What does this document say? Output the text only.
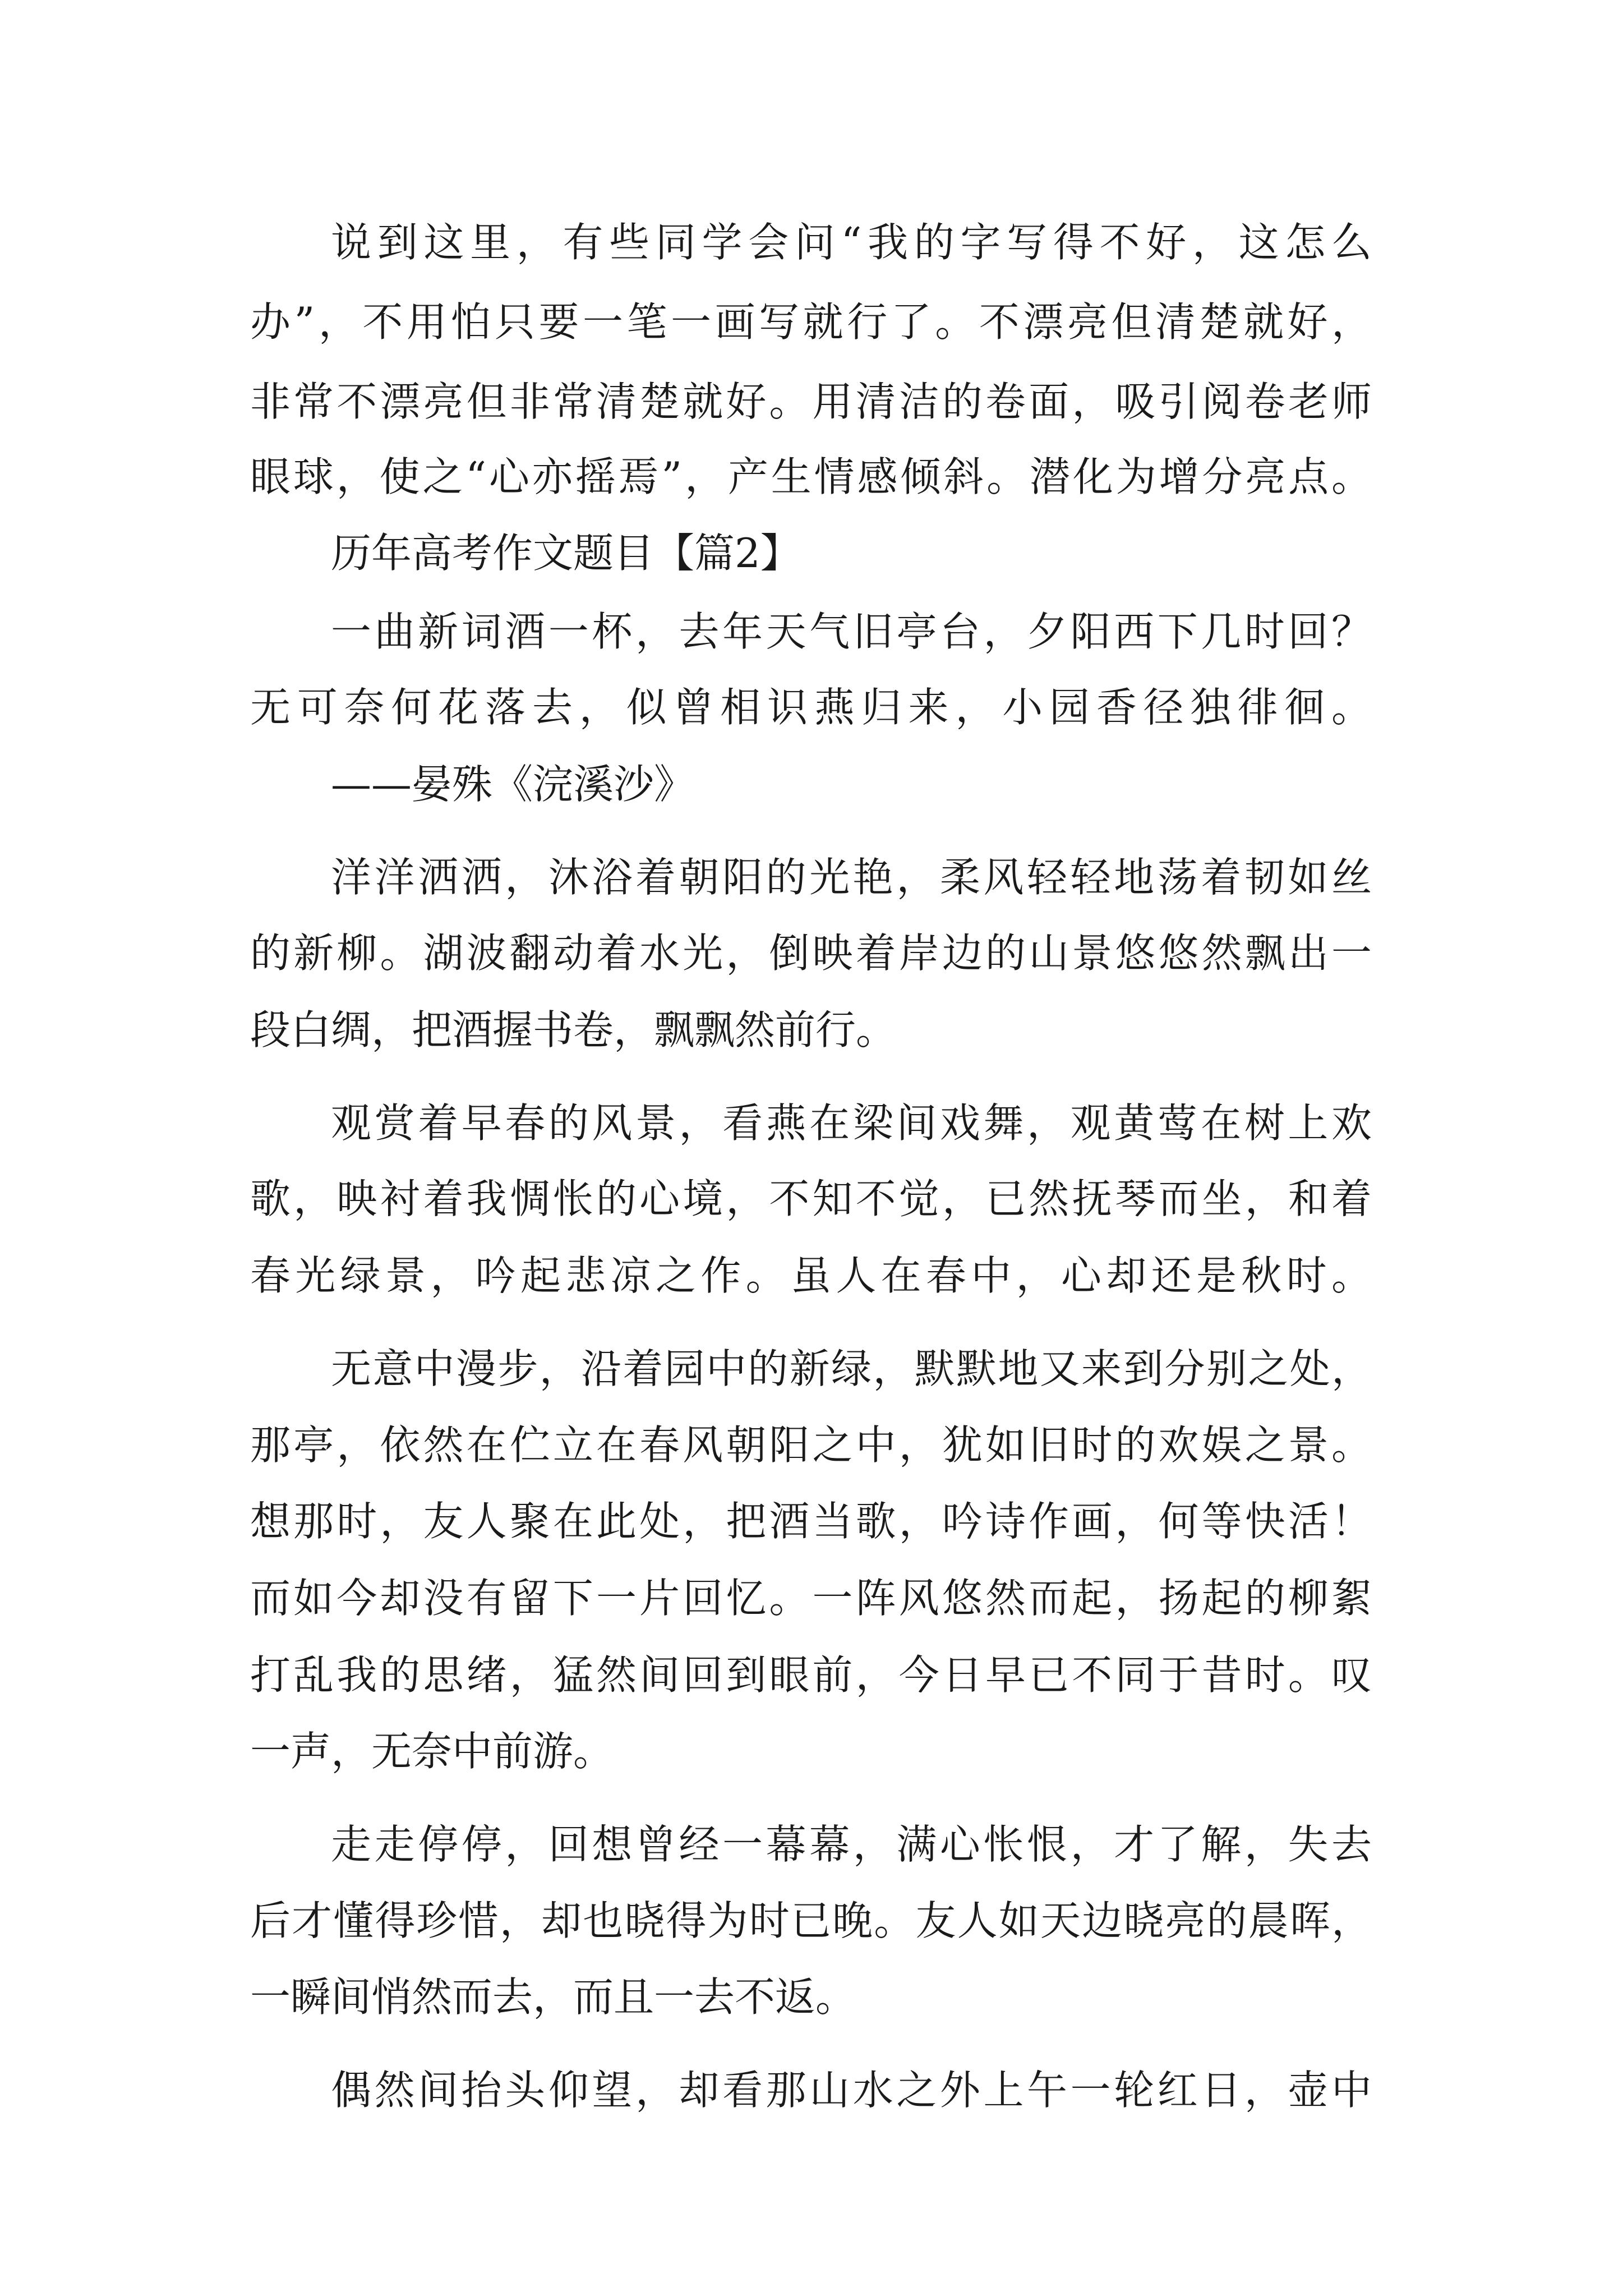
说到这里，有些同学会问“我的字写得不好，这怎么
办”，不用怕只要一笔一画写就行了。不漂亮但清楚就好，
非常不漂亮但非常清楚就好。用清洁的卷面，吸引阅卷老师
眼球，使之“心亦摇焉”，产生情感倾斜。潜化为增分亮点。
历年高考作文题目【篇2】
一曲新词酒一杯，去年天气旧亭台，夕阳西下几时回？
无可奈何花落去，似曾相识燕归来，小园香径独徘徊。
——晏殊《浣溪沙》
洋洋洒洒，沐浴着朝阳的光艳，柔风轻轻地荡着韧如丝
的新柳。湖波翻动着水光，倒映着岸边的山景悠悠然飘出一
段白绸，把酒握书卷，飘飘然前行。
观赏着早春的风景，看燕在梁间戏舞，观黄莺在树上欢
歌，映衬着我惆怅的心境，不知不觉，已然抚琴而坐，和着
春光绿景，吟起悲凉之作。虽人在春中，心却还是秋时。
无意中漫步，沿着园中的新绿，默默地又来到分别之处，
那亭，依然在伫立在春风朝阳之中，犹如旧时的欢娱之景。
想那时，友人聚在此处，把酒当歌，吟诗作画，何等快活！
而如今却没有留下一片回忆。一阵风悠然而起，扬起的柳絮
打乱我的思绪，猛然间回到眼前，今日早已不同于昔时。叹
一声，无奈中前游。
走走停停，回想曾经一幕幕，满心怅恨，才了解，失去
后才懂得珍惜，却也晓得为时已晚。友人如天边晓亮的晨晖，
一瞬间悄然而去，而且一去不返。
偶然间抬头仰望，却看那山水之外上午一轮红日，壶中
